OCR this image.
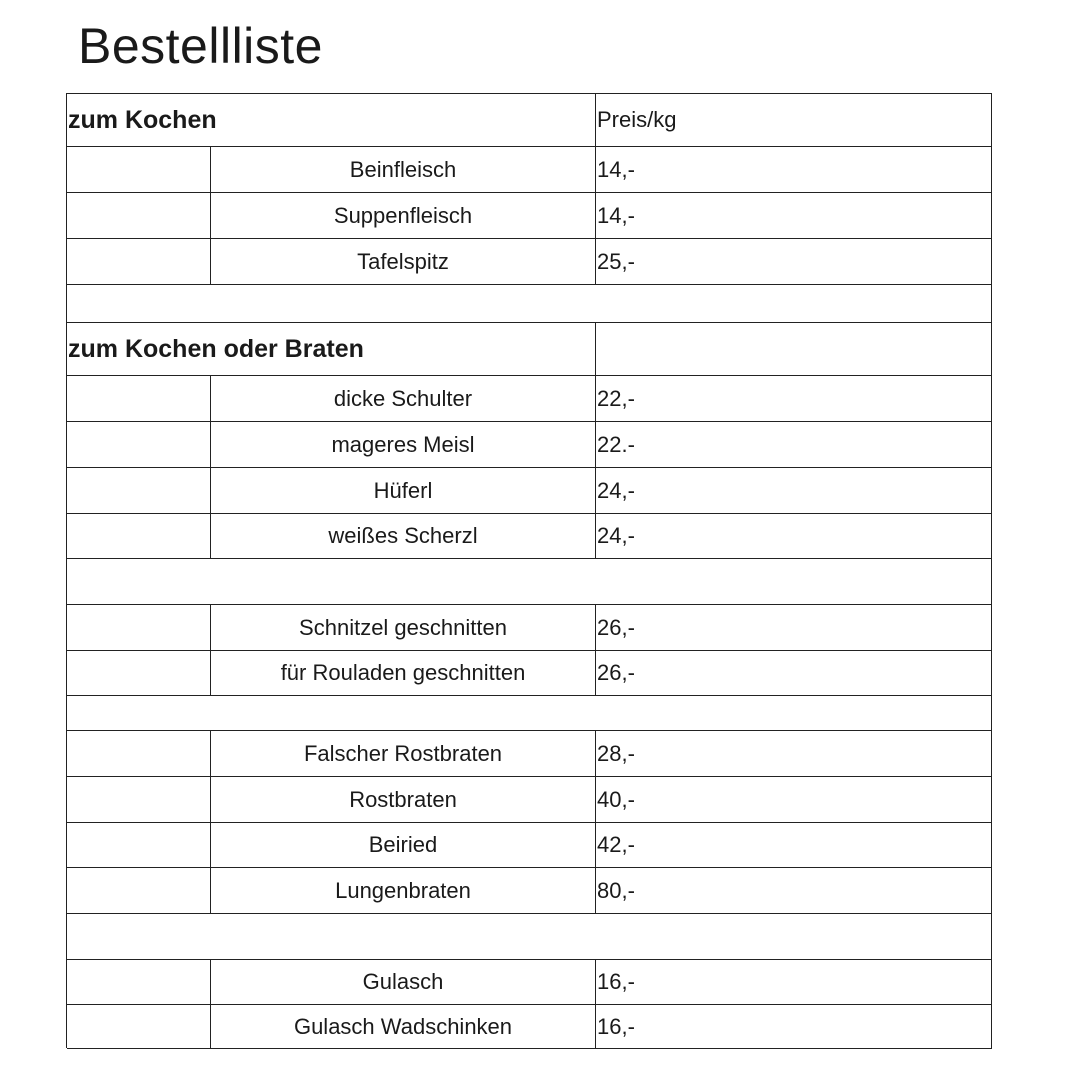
Bestellliste
zum Kochen	Preis/kg
Beinfleisch	14,-
Suppenfleisch	14,-
Tafelspitz	25,-
zum Kochen oder Braten
dicke Schulter	22,-
mageres Meisl	22.-
Hüferl	24,-
weißes Scherzl	24,-
Schnitzel geschnitten	26,-
für Rouladen geschnitten	26,-
Falscher Rostbraten	28,-
Rostbraten	40,-
Beiried	42,-
Lungenbraten	80,-
Gulasch	16,-
Gulasch Wadschinken	16,-
